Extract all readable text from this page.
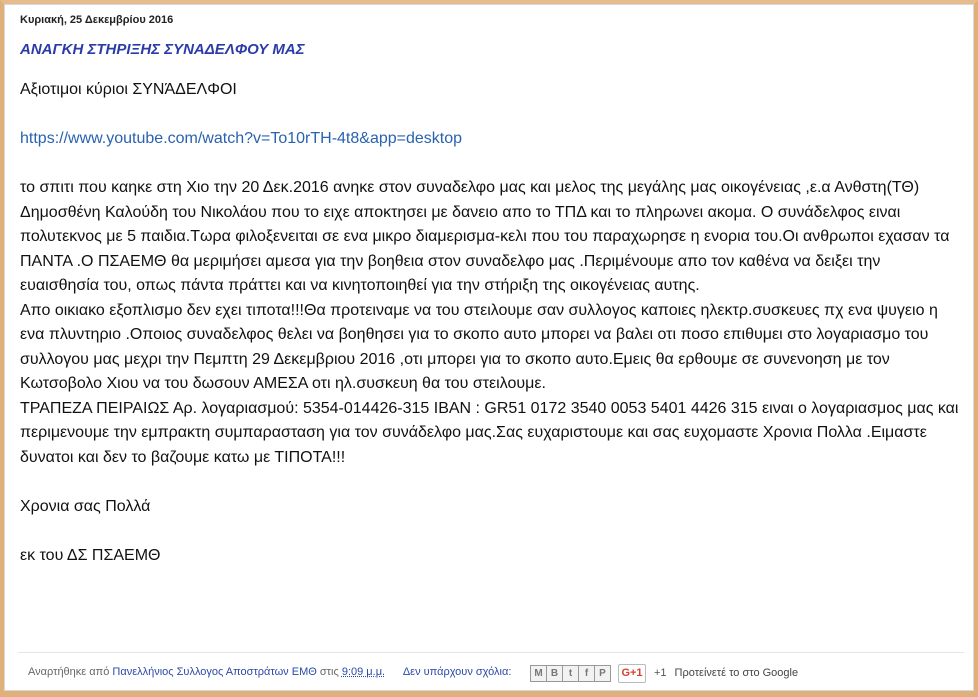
Κυριακή, 25 Δεκεμβρίου 2016
ΑΝΑΓΚΗ ΣΤΗΡΙΞΗΣ ΣΥΝΑΔΕΛΦΟΥ ΜΑΣ

Αξιοτιμοι κύριοι ΣΥΝΆΔΕΛΦΟΙ

https://www.youtube.com/watch?v=To10rTH-4t8&app=desktop

το σπιτι που καηκε στη Χιο την 20 Δεκ.2016 ανηκε στον συναδελφο μας και μελος της μεγάλης μας οικογένειας ,ε.α Ανθστη(ΤΘ) Δημοσθένη Καλούδη του Νικολάου που το ειχε αποκτησει με δανειο απο το ΤΠΔ και το πληρωνει ακομα. Ο συνάδελφος ειναι πολυτεκνος με 5 παιδια.Τωρα φιλοξενειται σε ενα μικρο διαμερισμα-κελι που του παραχωρησε η ενορια του.Οι ανθρωποι εχασαν τα ΠΑΝΤΑ .Ο ΠΣΑΕΜΘ θα μεριμήσει αμεσα για την βοηθεια στον συναδελφο μας .Περιμένουμε απο τον καθένα να δειξει την ευαισθησία του, οπως πάντα πράττει και να κινητοποιηθεί για την στήριξη της οικογένειας αυτης.

Απο οικιακο εξοπλισμο δεν εχει τιποτα!!!Θα προτειναμε να του στειλουμε σαν συλλογος καποιες ηλεκτρ.συσκευες πχ ενα ψυγειο η ενα πλυντηριο .Οποιος συναδελφος θελει να βοηθησει για το σκοπο αυτο μπορει να βαλει οτι ποσο επιθυμει στο λογαριασμο του συλλογου μας μεχρι την Πεμπτη 29 Δεκεμβριου 2016 ,οτι μπορει για το σκοπο αυτο.Εμεις θα ερθουμε σε συνενοηση με τον Κωτσοβολο Χιου να του δωσουν ΑΜΕΣΑ οτι ηλ.συσκευη θα του στειλουμε.

ΤΡΑΠΕΖΑ ΠΕΙΡΑΙΩΣ Αρ. λογαριασμού: 5354-014426-315 IBAN : GR51 0172 3540 0053 5401 4426 315 ειναι ο λογαριασμος μας και περιμενουμε την εμπρακτη συμπαρασταση για τον συνάδελφο μας.Σας ευχαριστουμε και σας ευχομαστε Χρονια Πολλα .Ειμαστε δυνατοι και δεν το βαζουμε κατω με ΤΙΠΟΤΑ!!!

Χρονια σας Πολλά

εκ του ΔΣ ΠΣΑΕΜΘ

Αναρτήθηκε από Πανελλήνιος Συλλογος Αποστράτων ΕΜΘ στις 9:09 μ.μ. Δεν υπάρχουν σχόλια:	M B	t	f	P	G+1	+1 Προτείνετέ το στο Google
